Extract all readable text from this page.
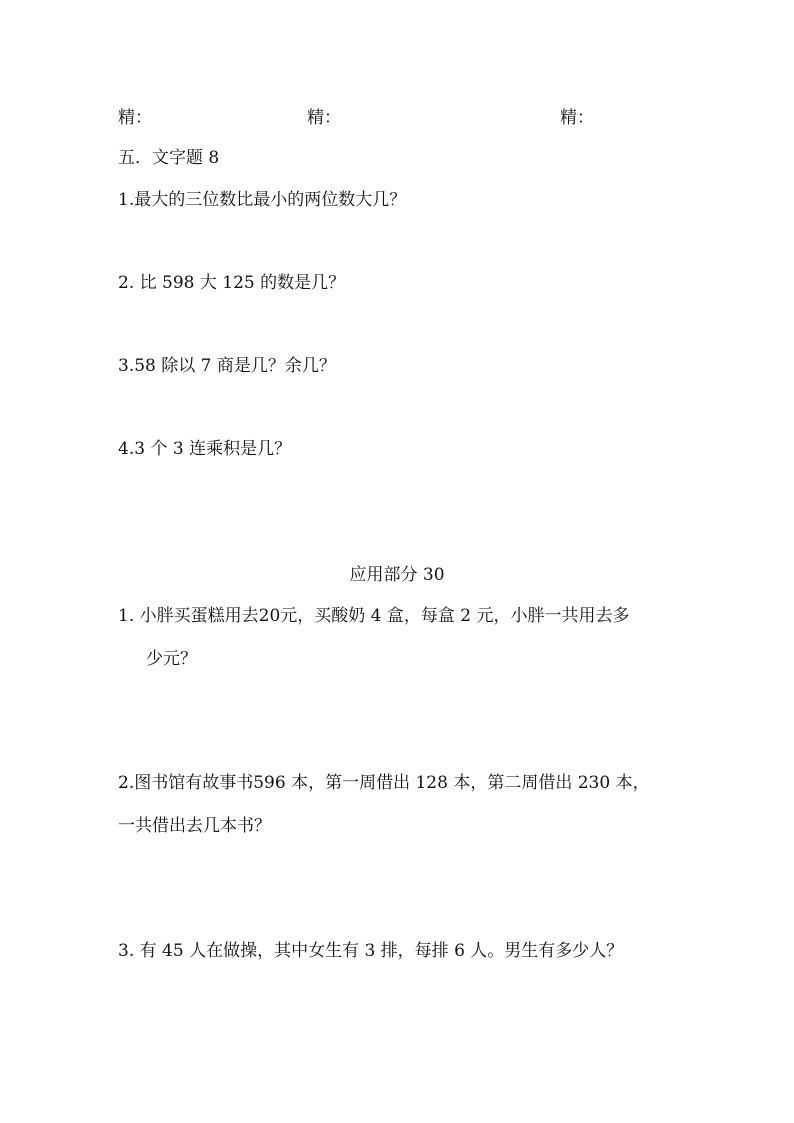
精：	精：	精：
五．文字题 8
1.最大的三位数比最小的两位数大几？
2. 比 598 大 125 的数是几？
3.58 除以 7 商是几？余几？
4.3 个 3 连乘积是几？
应用部分 30
1. 小胖买蛋糕用去20元，买酸奶 4 盒，每盒 2 元，小胖一共用去多
少元？
2.图书馆有故事书596 本，第一周借出 128 本，第二周借出 230 本，
一共借出去几本书？
3. 有 45 人在做操，其中女生有 3 排，每排 6 人。男生有多少人？
